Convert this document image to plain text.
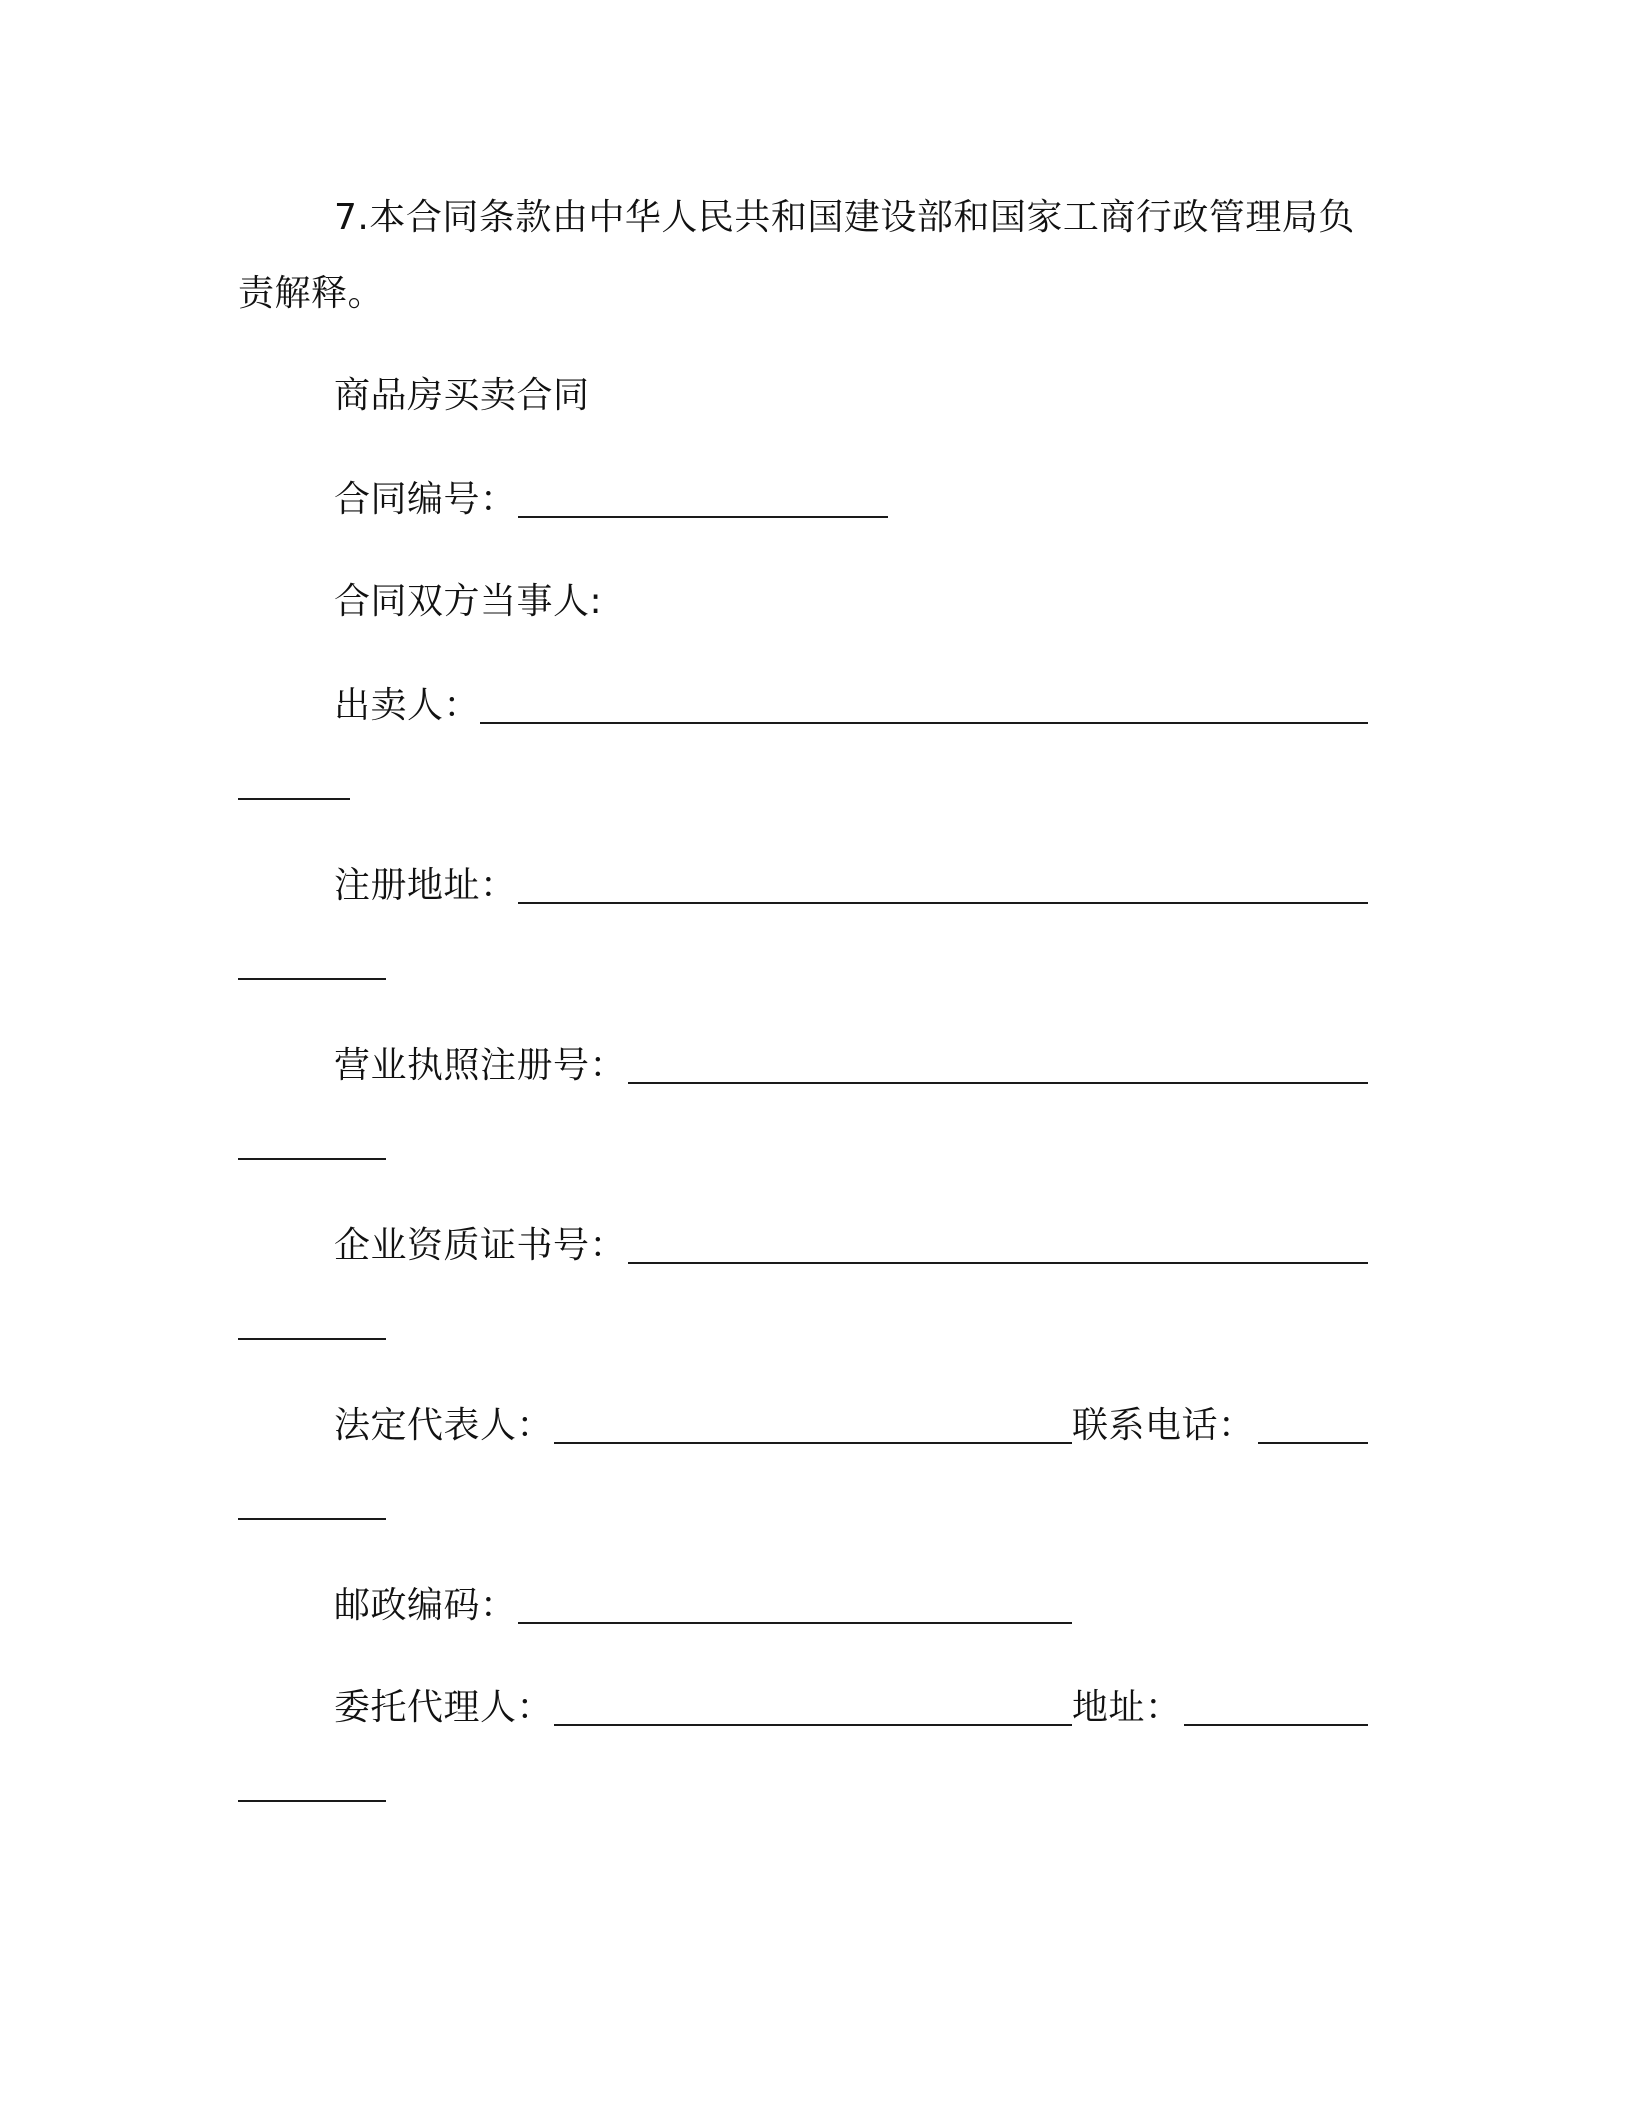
7.本合同条款由中华人民共和国建设部和国家工商行政管理局负
责解释。
商品房买卖合同
合同编号：
合同双方当事人:
出卖人：
注册地址：
营业执照注册号：
企业资质证书号：
法定代表人：	联系电话：
邮政编码：
委托代理人：	地址：
